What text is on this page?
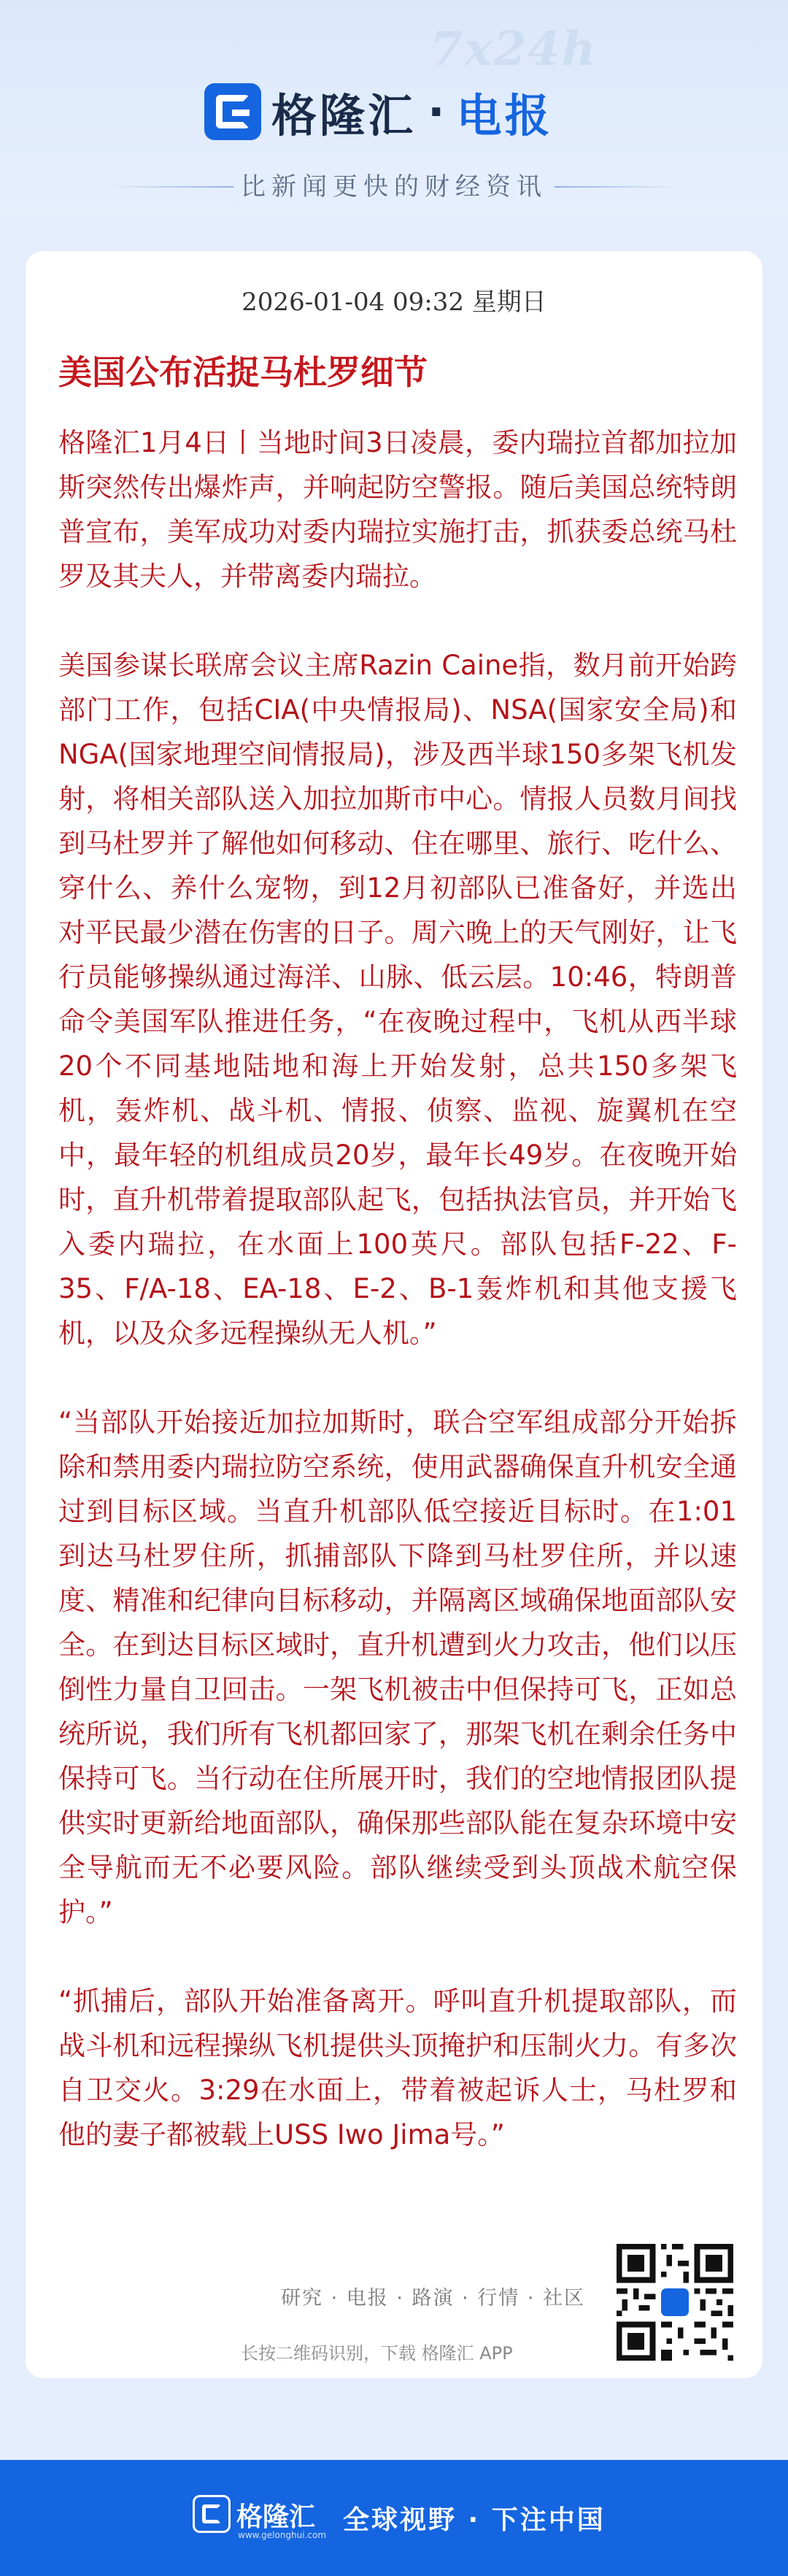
7x24h
格隆汇 · 电报
比新闻更快的财经资讯
2026-01-04 09:32 星期日
美国公布活捉马杜罗细节

格隆汇1月4日丨当地时间3日凌晨，委内瑞拉首都加拉加斯突然传出爆炸声，并响起防空警报。随后美国总统特朗普宣布，美军成功对委内瑞拉实施打击，抓获委总统马杜罗及其夫人，并带离委内瑞拉。

美国参谋长联席会议主席Razin Caine指，数月前开始跨部门工作，包括CIA(中央情报局)、NSA(国家安全局)和NGA(国家地理空间情报局)，涉及西半球150多架飞机发射，将相关部队送入加拉加斯市中心。情报人员数月间找到马杜罗并了解他如何移动、住在哪里、旅行、吃什么、穿什么、养什么宠物，到12月初部队已准备好，并选出对平民最少潜在伤害的日子。周六晚上的天气刚好，让飞行员能够操纵通过海洋、山脉、低云层。10:46，特朗普命令美国军队推进任务，“在夜晚过程中，飞机从西半球20个不同基地陆地和海上开始发射，总共150多架飞机，轰炸机、战斗机、情报、侦察、监视、旋翼机在空中，最年轻的机组成员20岁，最年长49岁。在夜晚开始时，直升机带着提取部队起飞，包括执法官员，并开始飞入委内瑞拉，在水面上100英尺。部队包括F-22、F-35、F/A-18、EA-18、E-2、B-1轰炸机和其他支援飞机，以及众多远程操纵无人机。”

“当部队开始接近加拉加斯时，联合空军组成部分开始拆除和禁用委内瑞拉防空系统，使用武器确保直升机安全通过到目标区域。当直升机部队低空接近目标时。在1:01到达马杜罗住所，抓捕部队下降到马杜罗住所，并以速度、精准和纪律向目标移动，并隔离区域确保地面部队安全。在到达目标区域时，直升机遭到火力攻击，他们以压倒性力量自卫回击。一架飞机被击中但保持可飞，正如总统所说，我们所有飞机都回家了，那架飞机在剩余任务中保持可飞。当行动在住所展开时，我们的空地情报团队提供实时更新给地面部队，确保那些部队能在复杂环境中安全导航而无不必要风险。部队继续受到头顶战术航空保护。”

“抓捕后，部队开始准备离开。呼叫直升机提取部队，而战斗机和远程操纵飞机提供头顶掩护和压制火力。有多次自卫交火。3:29在水面上，带着被起诉人士，马杜罗和他的妻子都被载上USS Iwo Jima号。”

研究 · 电报 · 路演 · 行情 · 社区
长按二维码识别，下载 格隆汇 APP
格隆汇
www.gelonghui.com 全球视野 · 下注中国
